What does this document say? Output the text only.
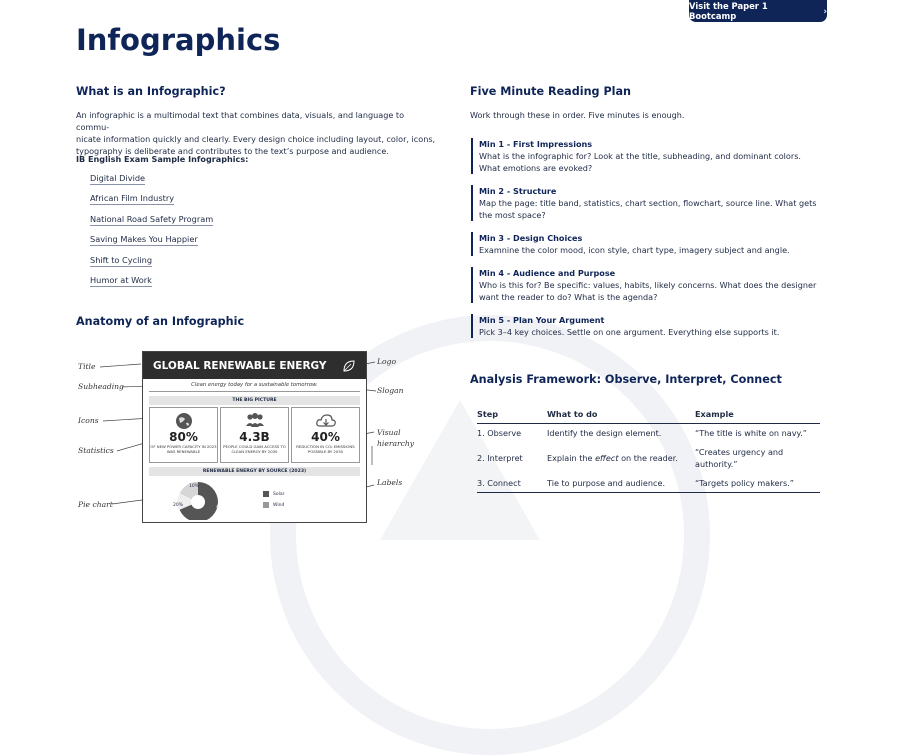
Visit the Paper 1 Bootcamp	›
Infographics
What is an Infographic?
An infographic is a multimodal text that combines data, visuals, and language to commu-
nicate information quickly and clearly. Every design choice including layout, color, icons,
typography is deliberate and contributes to the text’s purpose and audience.
IB English Exam Sample Infographics:
Digital Divide
African Film Industry
National Road Safety Program
Saving Makes You Happier
Shift to Cycling
Humor at Work
Anatomy of an Infographic
Title
Subheading
Icons
Statistics
Pie chart
Logo
Slogan
Visual hierarchy
Labels
GLOBAL RENEWABLE ENERGY
Clean energy today for a sustainable tomorrow.
THE BIG PICTURE
80%
OF NEW POWER CAPACITY IN 2023 WAS RENEWABLE
4.3B
PEOPLE COULD GAIN ACCESS TO CLEAN ENERGY BY 2030
40%
REDUCTION IN CO₂ EMISSIONS POSSIBLE BY 2030
RENEWABLE ENERGY BY SOURCE (2023)
10%
20%	45%
Solar
Wind
Five Minute Reading Plan
Work through these in order. Five minutes is enough.
Min 1 - First Impressions
What is the infographic for? Look at the title, subheading, and dominant colors. What emotions are evoked?
Min 2 - Structure
Map the page: title band, statistics, chart section, flowchart, source line. What gets the most space?
Min 3 - Design Choices
Examnine the color mood, icon style, chart type, imagery subject and angle.
Min 4 - Audience and Purpose
Who is this for? Be specific: values, habits, likely concerns. What does the designer want the reader to do? What is the agenda?
Min 5 - Plan Your Argument
Pick 3–4 key choices. Settle on one argument. Everything else supports it.
Analysis Framework: Observe, Interpret, Connect
Step	What to do	Example
1. Observe	Identify the design element.	“The title is white on navy.”
2. Interpret	Explain the effect on the reader.	“Creates urgency and authority.”
3. Connect	Tie to purpose and audience.	“Targets policy makers.”
